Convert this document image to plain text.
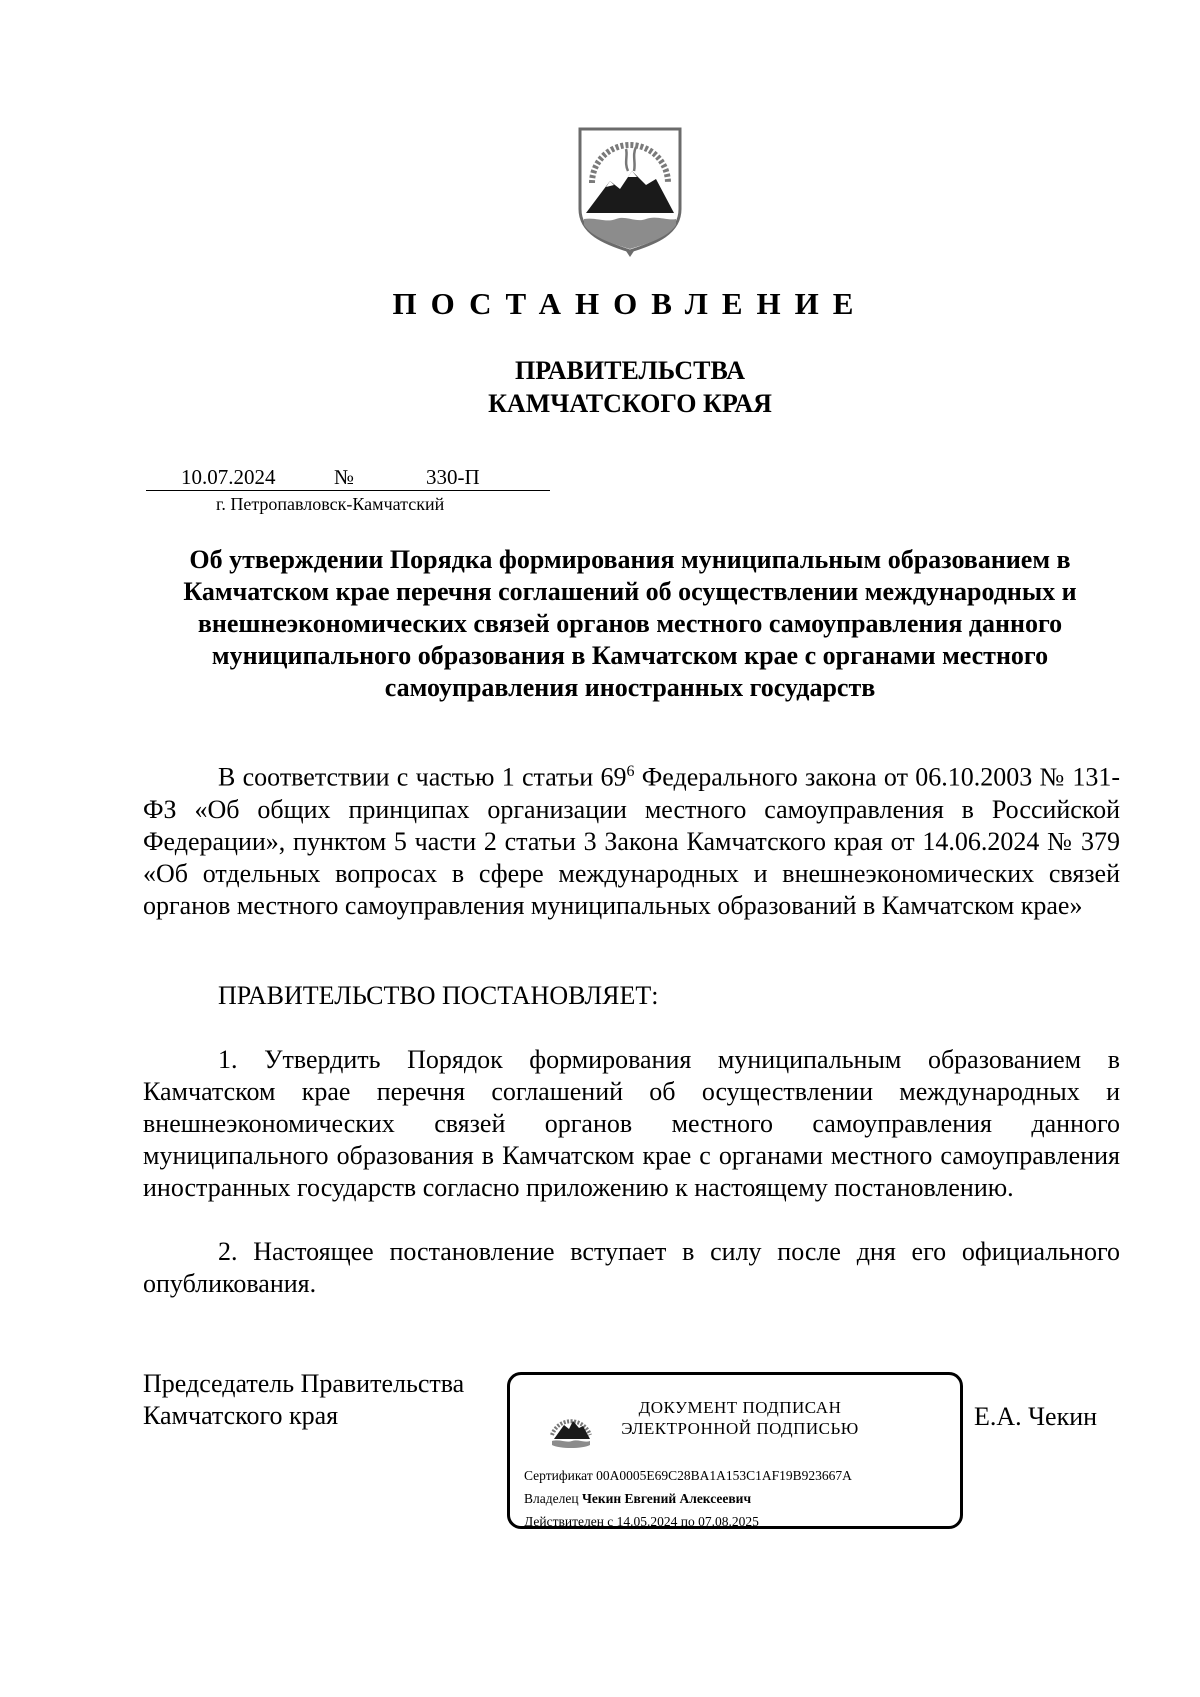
ПОСТАНОВЛЕНИЕ

ПРАВИТЕЛЬСТВА

КАМЧАТСКОГО КРАЯ

10.07.2024	№	330-П
г. Петропавловск-Камчатский

Об утверждении Порядка формирования муниципальным образованием в Камчатском крае перечня соглашений об осуществлении международных и внешнеэкономических связей органов местного самоуправления данного муниципального образования в Камчатском крае с органами местного самоуправления иностранных государств

В соответствии с частью 1 статьи $69^6$ Федерального закона от 06.10.2003 № 131-ФЗ «Об общих принципах организации местного самоуправления в Российской Федерации», пунктом 5 части 2 статьи 3 Закона Камчатского края от 14.06.2024 № 379 «Об отдельных вопросах в сфере международных и внешнеэкономических связей органов местного самоуправления муниципальных образований в Камчатском крае»

ПРАВИТЕЛЬСТВО ПОСТАНОВЛЯЕТ:

1. Утвердить Порядок формирования муниципальным образованием в Камчатском крае перечня соглашений об осуществлении международных и внешнеэкономических связей органов местного самоуправления данного муниципального образования в Камчатском крае с органами местного самоуправления иностранных государств согласно приложению к настоящему постановлению.

2. Настоящее постановление вступает в силу после дня его официального опубликования.

Председатель Правительства
Камчатского края	Е.А. Чекин
ДОКУМЕНТ ПОДПИСАН
ЭЛЕКТРОННОЙ ПОДПИСЬЮ
Сертификат 00A0005E69C28BA1A153C1AF19B923667A
Владелец Чекин Евгений Алексеевич
Действителен с 14.05.2024 по 07.08.2025
